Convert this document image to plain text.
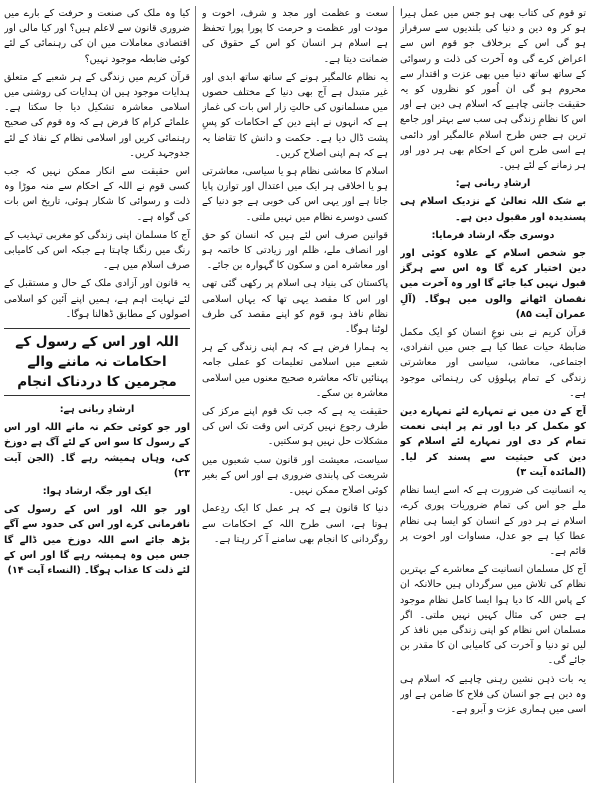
تو قوم کی کتاب بھی ہو جس میں عمل ہیرا ہو کر وہ دین و دنیا کی بلندیوں سے سرفراز ہو گی اس کے برخلاف جو قوم اس سے اعراض کرے گی وہ آخرت کی ذلت و رسوائی کے ساتھ ساتھ دنیا میں بھی عزت و اقتدار سے محروم ہو گی ان اُمور کو نظروں کو یہ حقیقت جاننی چاہیے کہ اسلام ہی دین ہے اور اس کا نظامِ زندگی ہی سب سے بہتر اور جامع ترین ہے جس طرح اسلام عالمگیر اور دائمی ہے اسی طرح اس کے احکام بھی ہر دور اور ہر زمانے کے لئے ہیں۔

ارشادِ ربانی ہے:

بے شک اللہ تعالیٰ کے نزدیک اسلام ہی پسندیدہ اور مقبول دین ہے۔

دوسری جگہ ارشاد فرمایا:

جو شخص اسلام کے علاوہ کوئی اور دین اختیار کرے گا وہ اس سے ہرگز قبول نہیں کیا جائے گا اور وہ آخرت میں نقصان اٹھانے والوں میں ہوگا۔ (آلِ عمران آیت ۸۵)

قرآن کریم نے بنی نوعِ انسان کو ایک مکمل ضابطۂ حیات عطا کیا ہے جس میں انفرادی، اجتماعی، معاشی، سیاسی اور معاشرتی زندگی کے تمام پہلوؤں کی رہنمائی موجود ہے۔

آج کے دن میں نے تمہارے لئے تمہارے دین کو مکمل کر دیا اور تم پر اپنی نعمت تمام کر دی اور تمہارے لئے اسلام کو دین کی حیثیت سے پسند کر لیا۔ (المائدہ آیت ۳)

یہ انسانیت کی ضرورت ہے کہ اسے ایسا نظام ملے جو اس کی تمام ضروریات پوری کرے، اسلام نے ہر دور کے انسان کو ایسا ہی نظام عطا کیا ہے جو عدل، مساوات اور اخوت پر قائم ہے۔

آج کل مسلمان انسانیت کے معاشرے کے بہترین نظام کی تلاش میں سرگرداں ہیں حالانکہ ان کے پاس اللہ کا دیا ہوا ایسا کامل نظام موجود ہے جس کی مثال کہیں نہیں ملتی۔ اگر مسلمان اس نظام کو اپنی زندگی میں نافذ کر لیں تو دنیا و آخرت کی کامیابی ان کا مقدر بن جائے گی۔

یہ بات ذہن نشین رہنی چاہیے کہ اسلام ہی وہ دین ہے جو انسان کی فلاح کا ضامن ہے اور اسی میں ہماری عزت و آبرو ہے۔

سعت و عظمت اور مجد و شرف، اخوت و مودت اور عظمت و حرمت کا پورا پورا تحفظ ہے اسلام ہر انسان کو اس کے حقوق کی ضمانت دیتا ہے۔

یہ نظام عالمگیر ہونے کے ساتھ ساتھ ابدی اور غیر متبدل ہے آج بھی دنیا کے مختلف حصوں میں مسلمانوں کی حالتِ زار اس بات کی غماز ہے کہ انہوں نے اپنے دین کے احکامات کو پسِ پشت ڈال دیا ہے۔ حکمت و دانش کا تقاضا یہ ہے کہ ہم اپنی اصلاح کریں۔

اسلام کا معاشی نظام ہو یا سیاسی، معاشرتی ہو یا اخلاقی ہر ایک میں اعتدال اور توازن پایا جاتا ہے اور یہی اس کی خوبی ہے جو دنیا کے کسی دوسرے نظام میں نہیں ملتی۔

قوانین صرف اس لئے ہیں کہ انسان کو حق اور انصاف ملے، ظلم اور زیادتی کا خاتمہ ہو اور معاشرہ امن و سکون کا گہوارہ بن جائے۔

پاکستان کی بنیاد ہی اسلام پر رکھی گئی تھی اور اس کا مقصد یہی تھا کہ یہاں اسلامی نظام نافذ ہو، قوم کو اپنے مقصد کی طرف لوٹنا ہوگا۔

یہ ہمارا فرض ہے کہ ہم اپنی زندگی کے ہر شعبے میں اسلامی تعلیمات کو عملی جامہ پہنائیں تاکہ معاشرہ صحیح معنوں میں اسلامی معاشرہ بن سکے۔

حقیقت یہ ہے کہ جب تک قوم اپنے مرکز کی طرف رجوع نہیں کرتی اس وقت تک اس کی مشکلات حل نہیں ہو سکتیں۔

سیاست، معیشت اور قانون سب شعبوں میں شریعت کی پابندی ضروری ہے اور اس کے بغیر کوئی اصلاح ممکن نہیں۔

دنیا کا قانون ہے کہ ہر عمل کا ایک ردِعمل ہوتا ہے، اسی طرح اللہ کے احکامات سے روگردانی کا انجام بھی سامنے آ کر رہتا ہے۔

کیا وہ ملک کی صنعت و حرفت کے بارے میں ضروری قانون سے لاعلم ہیں؟ اور کیا مالی اور اقتصادی معاملات میں ان کی رہنمائی کے لئے کوئی ضابطہ موجود نہیں؟

قرآن کریم میں زندگی کے ہر شعبے کے متعلق ہدایات موجود ہیں ان ہدایات کی روشنی میں اسلامی معاشرہ تشکیل دیا جا سکتا ہے۔ علمائے کرام کا فرض ہے کہ وہ قوم کی صحیح رہنمائی کریں اور اسلامی نظام کے نفاذ کے لئے جدوجہد کریں۔

اس حقیقت سے انکار ممکن نہیں کہ جب کسی قوم نے اللہ کے احکام سے منہ موڑا وہ ذلت و رسوائی کا شکار ہوئی، تاریخ اس بات کی گواہ ہے۔

آج کا مسلمان اپنی زندگی کو مغربی تہذیب کے رنگ میں رنگنا چاہتا ہے جبکہ اس کی کامیابی صرف اسلام میں ہے۔

یہ قانون اور آزادی ملک کے حال و مستقبل کے لئے نہایت اہم ہے، ہمیں اپنے آئین کو اسلامی اصولوں کے مطابق ڈھالنا ہوگا۔

اللہ اور اس کے رسول کے احکامات نہ ماننے والے مجرمین کا دردناک انجام

ارشادِ ربانی ہے:

اور جو کوئی حکم نہ مانے اللہ اور اس کے رسول کا سو اس کے لئے آگ ہے دوزخ کی، وہاں ہمیشہ رہے گا۔ (الجن آیت ۲۳)

ایک اور جگہ ارشاد ہوا:

اور جو اللہ اور اس کے رسول کی نافرمانی کرے اور اس کی حدود سے آگے بڑھ جائے اسے اللہ دوزخ میں ڈالے گا جس میں وہ ہمیشہ رہے گا اور اس کے لئے ذلت کا عذاب ہوگا۔ (النساء آیت ۱۴)
